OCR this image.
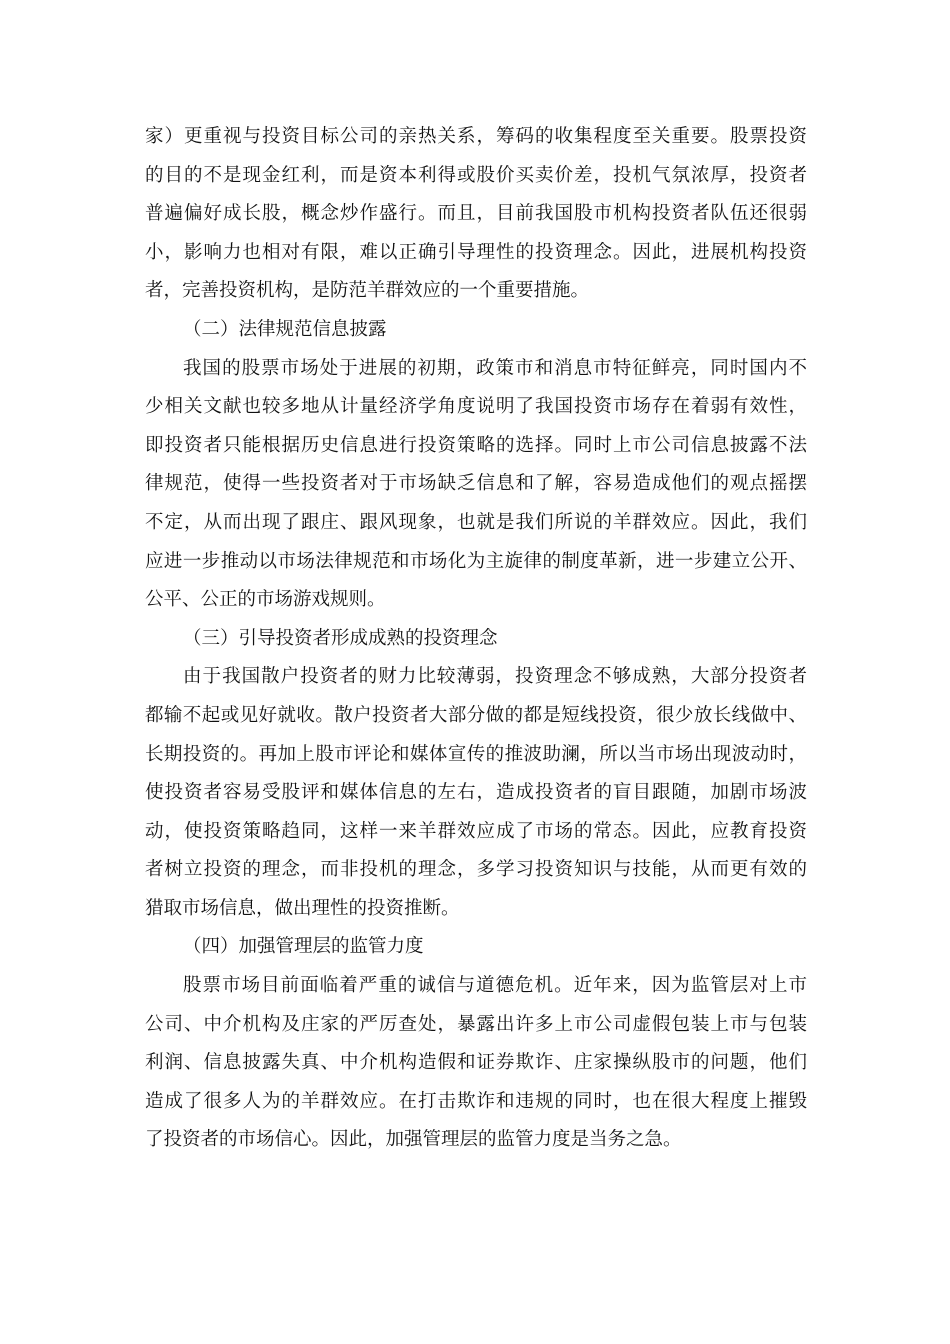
家）更重视与投资目标公司的亲热关系，筹码的收集程度至关重要。股票投资
的目的不是现金红利，而是资本利得或股价买卖价差，投机气氛浓厚，投资者
普遍偏好成长股，概念炒作盛行。而且，目前我国股市机构投资者队伍还很弱
小，影响力也相对有限，难以正确引导理性的投资理念。因此，进展机构投资
者，完善投资机构，是防范羊群效应的一个重要措施。
（二）法律规范信息披露
我国的股票市场处于进展的初期，政策市和消息市特征鲜亮，同时国内不
少相关文献也较多地从计量经济学角度说明了我国投资市场存在着弱有效性，
即投资者只能根据历史信息进行投资策略的选择。同时上市公司信息披露不法
律规范，使得一些投资者对于市场缺乏信息和了解，容易造成他们的观点摇摆
不定，从而出现了跟庄、跟风现象，也就是我们所说的羊群效应。因此，我们
应进一步推动以市场法律规范和市场化为主旋律的制度革新，进一步建立公开、
公平、公正的市场游戏规则。
（三）引导投资者形成成熟的投资理念
由于我国散户投资者的财力比较薄弱，投资理念不够成熟，大部分投资者
都输不起或见好就收。散户投资者大部分做的都是短线投资，很少放长线做中、
长期投资的。再加上股市评论和媒体宣传的推波助澜，所以当市场出现波动时，
使投资者容易受股评和媒体信息的左右，造成投资者的盲目跟随，加剧市场波
动，使投资策略趋同，这样一来羊群效应成了市场的常态。因此，应教育投资
者树立投资的理念，而非投机的理念，多学习投资知识与技能，从而更有效的
猎取市场信息，做出理性的投资推断。
（四）加强管理层的监管力度
股票市场目前面临着严重的诚信与道德危机。近年来，因为监管层对上市
公司、中介机构及庄家的严厉查处，暴露出许多上市公司虚假包装上市与包装
利润、信息披露失真、中介机构造假和证券欺诈、庄家操纵股市的问题，他们
造成了很多人为的羊群效应。在打击欺诈和违规的同时，也在很大程度上摧毁
了投资者的市场信心。因此，加强管理层的监管力度是当务之急。
